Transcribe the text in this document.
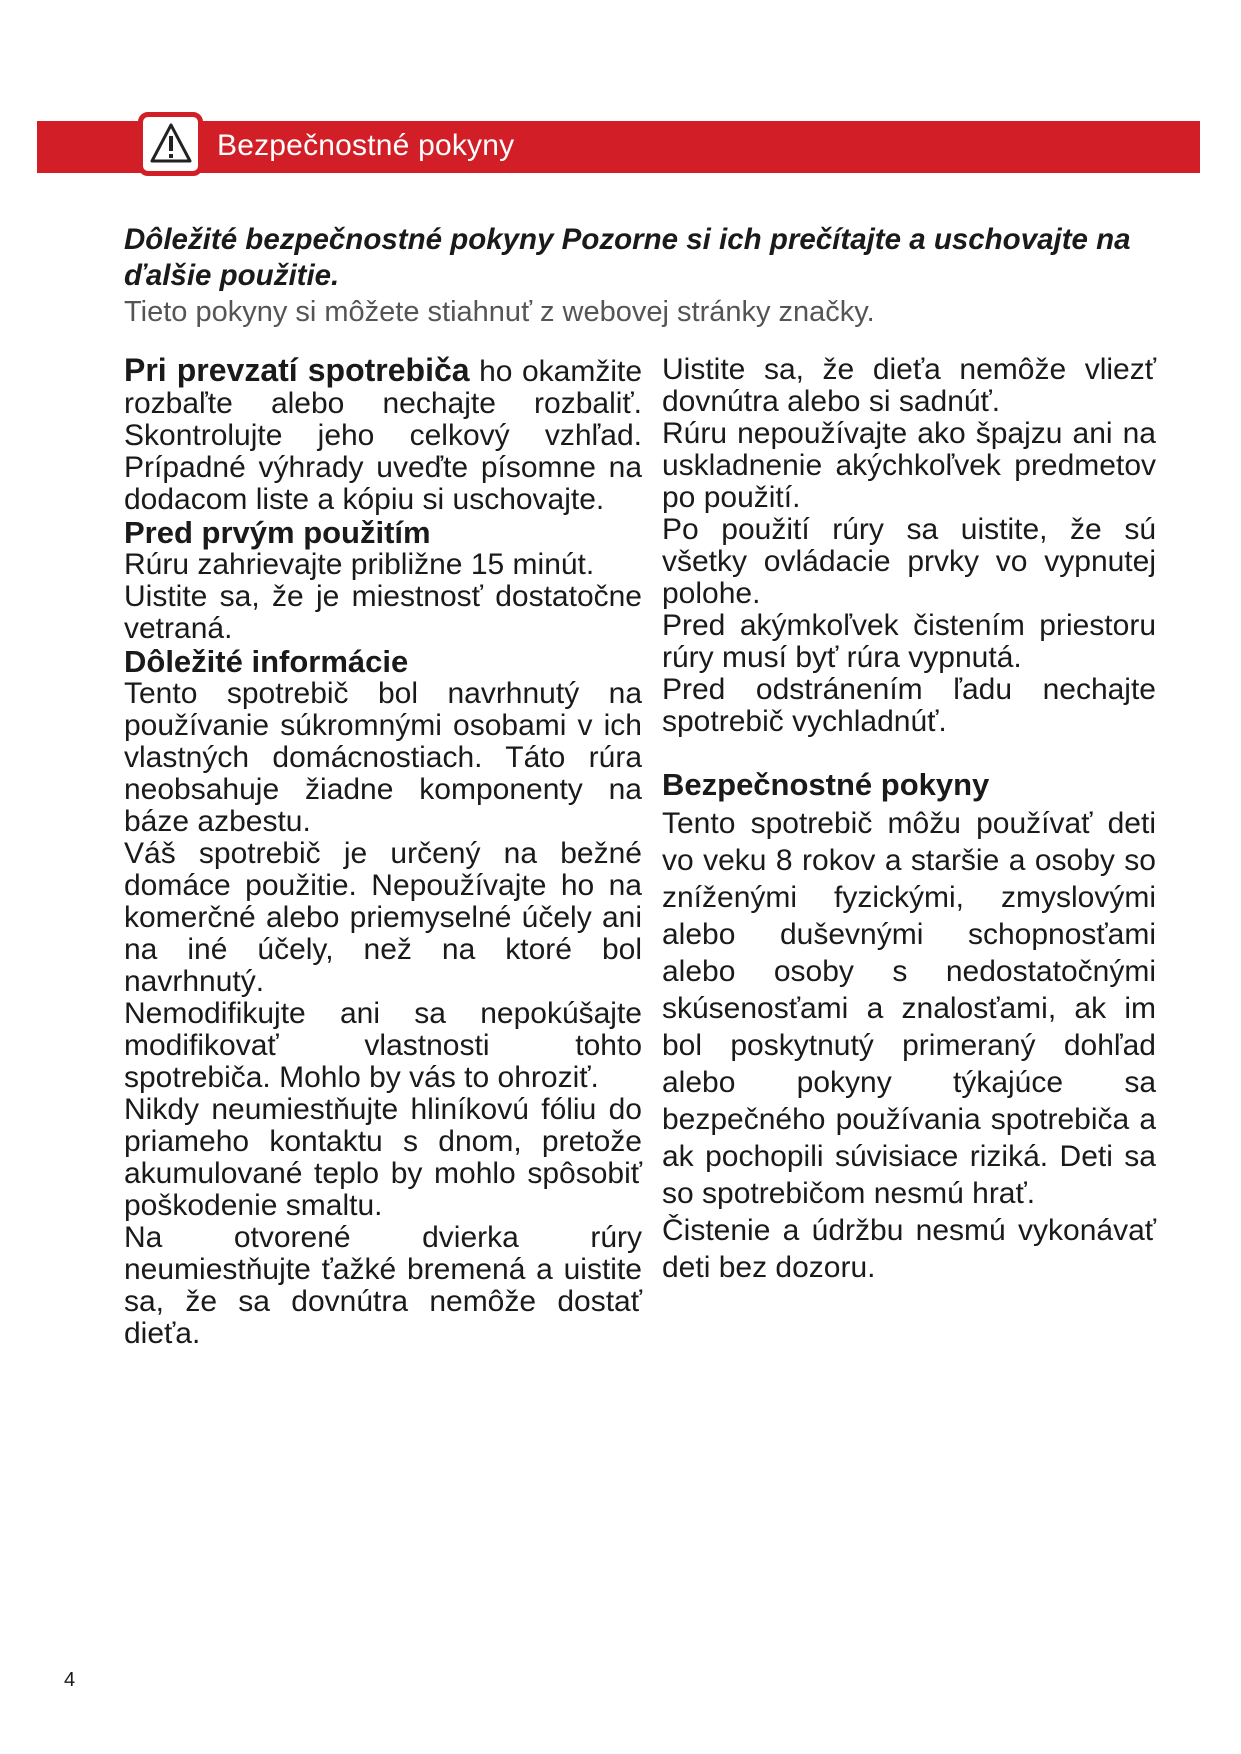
Bezpečnostné pokyny

Dôležité bezpečnostné pokyny Pozorne si ich prečítajte a uschovajte na ďalšie použitie.

Tieto pokyny si môžete stiahnuť z webovej stránky značky.

Pri prevzatí spotrebiča ho okamžite rozbaľte alebo nechajte rozbaliť. Skontrolujte jeho celkový vzhľad. Prípadné výhrady uveďte písomne na dodacom liste a kópiu si uschovajte.

Pred prvým použitím

Rúru zahrievajte približne 15 minút.

Uistite sa, že je miestnosť dostatočne vetraná.

Dôležité informácie

Tento spotrebič bol navrhnutý na používanie súkromnými osobami v ich vlastných domácnostiach. Táto rúra neobsahuje žiadne komponenty na báze azbestu.

Váš spotrebič je určený na bežné domáce použitie. Nepoužívajte ho na komerčné alebo priemyselné účely ani na iné účely, než na ktoré bol navrhnutý.

Nemodifikujte ani sa nepokúšajte modifikovať vlastnosti tohto spotrebiča. Mohlo by vás to ohroziť.

Nikdy neumiestňujte hliníkovú fóliu do priameho kontaktu s dnom, pretože akumulované teplo by mohlo spôsobiť poškodenie smaltu.

Na otvorené dvierka rúry neumiestňujte ťažké bremená a uistite sa, že sa dovnútra nemôže dostať dieťa.

Uistite sa, že dieťa nemôže vliezť dovnútra alebo si sadnúť.

Rúru nepoužívajte ako špajzu ani na uskladnenie akýchkoľvek predmetov po použití.

Po použití rúry sa uistite, že sú všetky ovládacie prvky vo vypnutej polohe.

Pred akýmkoľvek čistením priestoru rúry musí byť rúra vypnutá.

Pred odstránením ľadu nechajte spotrebič vychladnúť.

Bezpečnostné pokyny

Tento spotrebič môžu používať deti vo veku 8 rokov a staršie a osoby so zníženými fyzickými, zmyslovými alebo duševnými schopnosťami alebo osoby s nedostatočnými skúsenosťami a znalosťami, ak im bol poskytnutý primeraný dohľad alebo pokyny týkajúce sa bezpečného používania spotrebiča a ak pochopili súvisiace riziká. Deti sa so spotrebičom nesmú hrať.

Čistenie a údržbu nesmú vykonávať deti bez dozoru.

4
